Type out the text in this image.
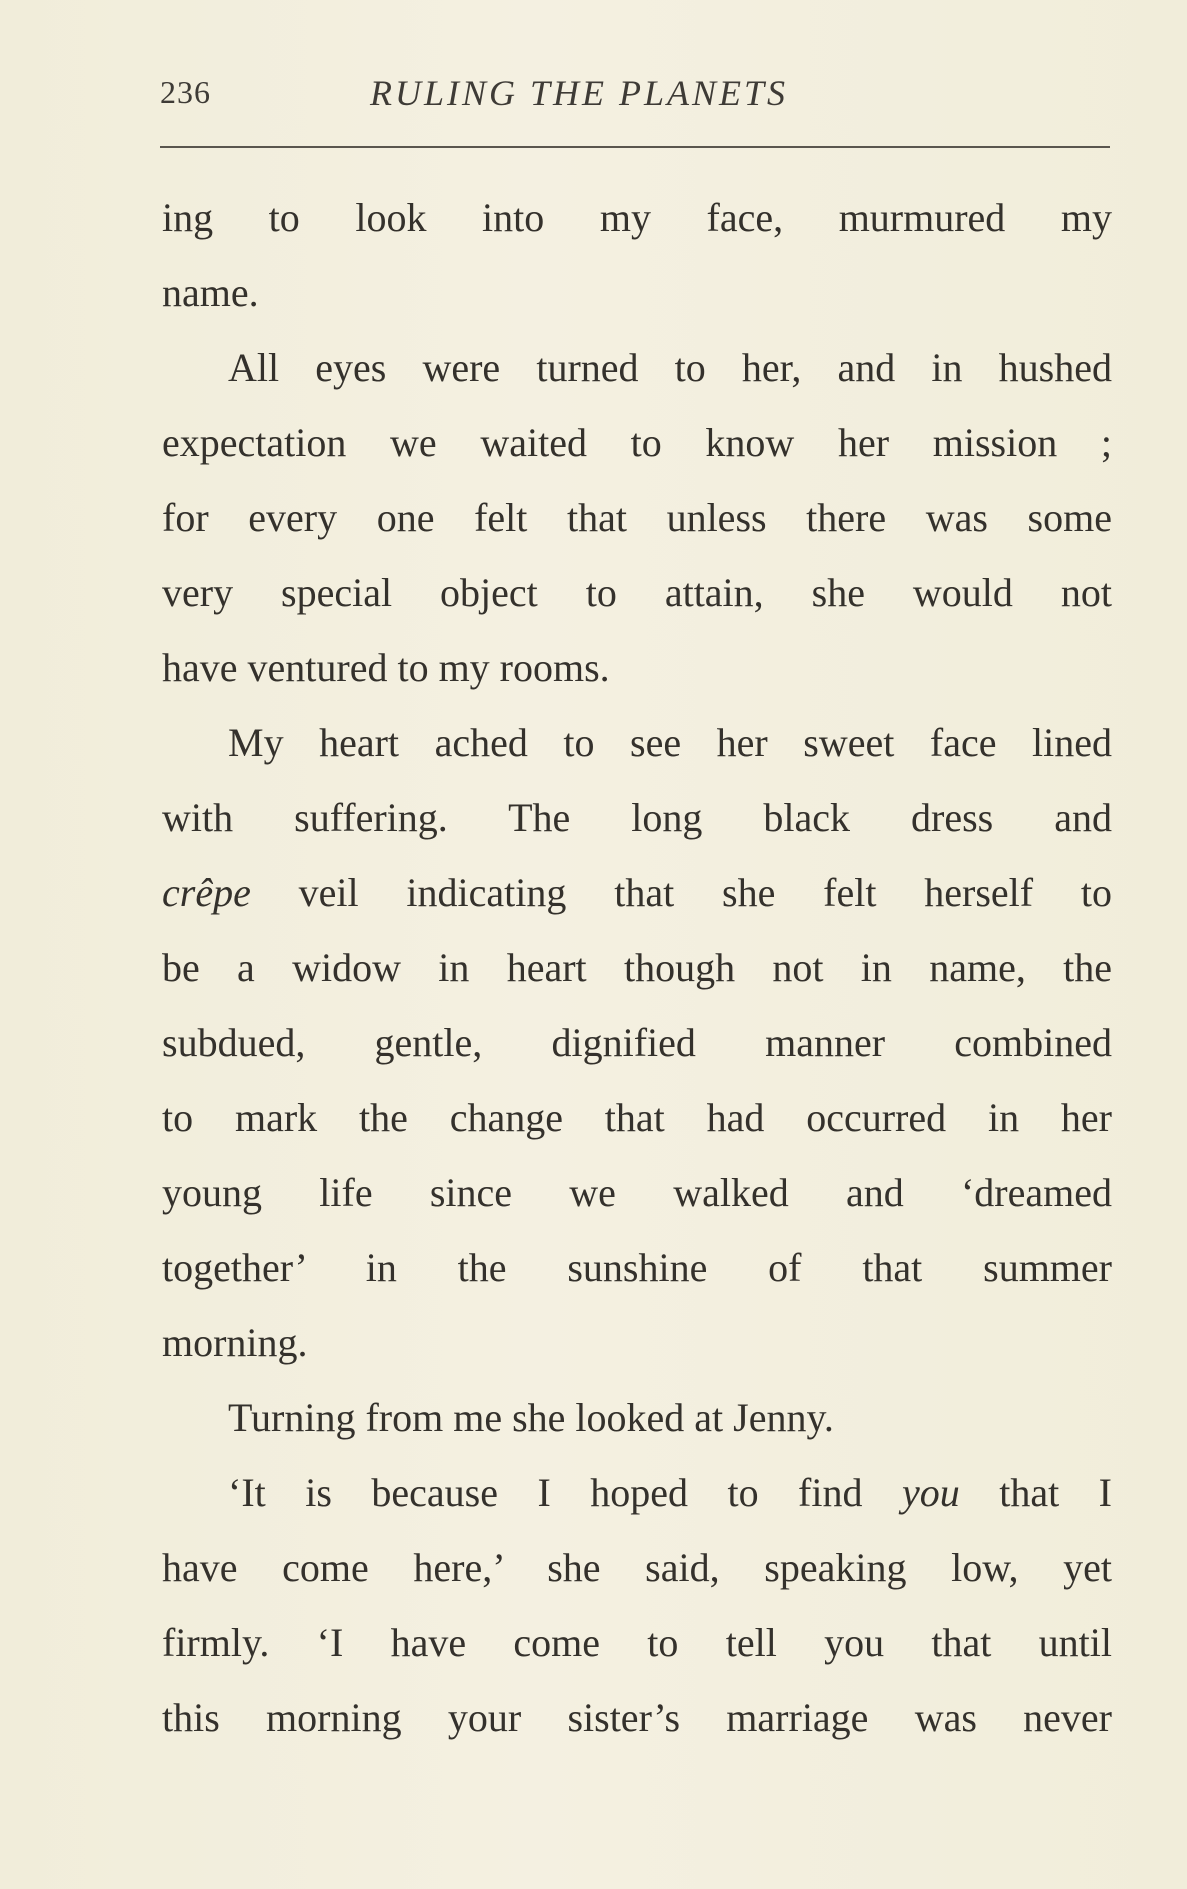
236	RULING THE PLANETS
ing to look into my face, murmured my
name.
All eyes were turned to her, and in hushed
expectation we waited to know her mission ;
for every one felt that unless there was some
very special object to attain, she would not
have ventured to my rooms.
My heart ached to see her sweet face lined
with suffering. The long black dress and
crêpe veil indicating that she felt herself to
be a widow in heart though not in name, the
subdued, gentle, dignified manner combined
to mark the change that had occurred in her
young life since we walked and ‘dreamed
together’ in the sunshine of that summer
morning.
Turning from me she looked at Jenny.
‘It is because I hoped to find you that I
have come here,’ she said, speaking low, yet
firmly. ‘I have come to tell you that until
this morning your sister’s marriage was never
